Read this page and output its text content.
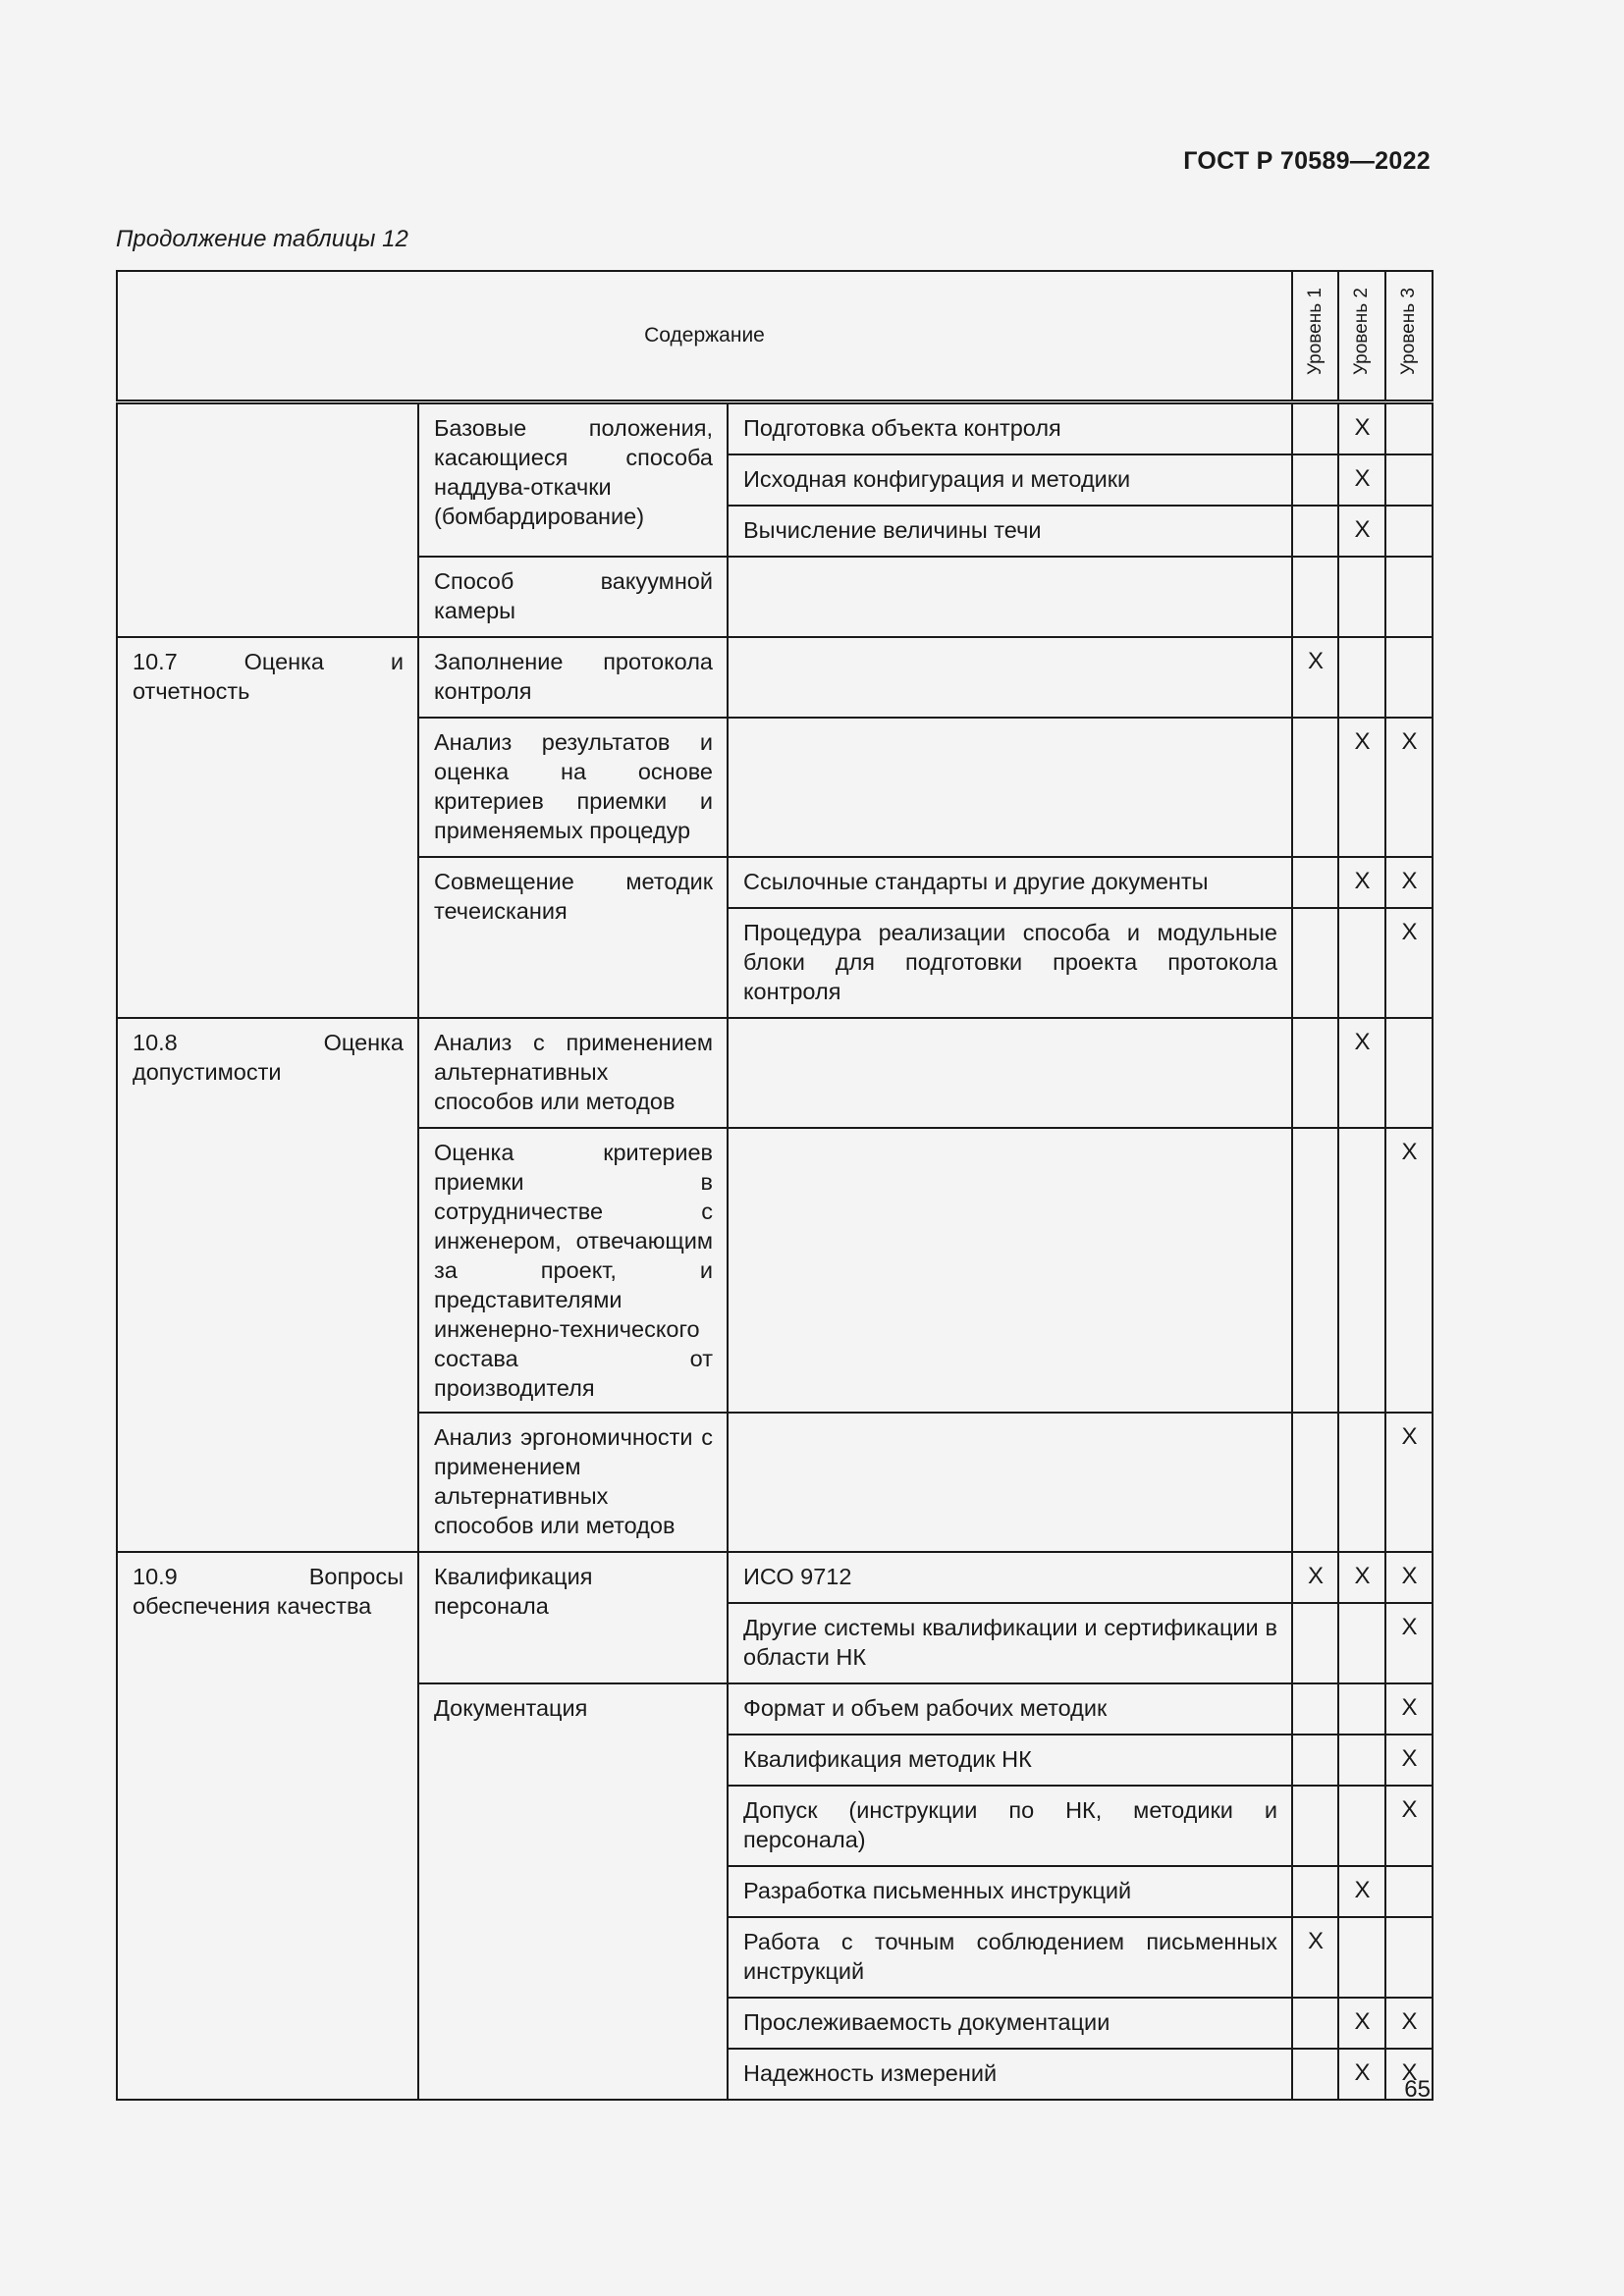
ГОСТ Р 70589—2022
Продолжение таблицы 12
Содержание			Уровень 1	Уровень 2	Уровень 3
	Базовые положения, касающиеся способа наддува-откачки (бомбардирование)	Подготовка объекта контроля		X	
		Исходная конфигурация и методики		X	
		Вычисление величины течи		X	
	Способ вакуумной камеры				
10.7 Оценка и отчетность	Заполнение протокола контроля		X		
	Анализ результатов и оценка на основе критериев приемки и применяемых процедур			X	X
	Совмещение методик течеискания	Ссылочные стандарты и другие документы		X	X
		Процедура реализации способа и модульные блоки для подготовки проекта протокола контроля			X
10.8 Оценка допустимости	Анализ с применением альтернативных способов или методов			X	
	Оценка критериев приемки в сотрудничестве с инженером, отвечающим за проект, и представителями инженерно-технического состава от производителя				X
	Анализ эргономичности с применением альтернативных способов или методов				X
10.9 Вопросы обеспечения качества	Квалификация персонала	ИСО 9712	X	X	X
		Другие системы квалификации и сертификации в области НК			X
	Документация	Формат и объем рабочих методик			X
		Квалификация методик НК			X
		Допуск (инструкции по НК, методики и персонала)			X
		Разработка письменных инструкций		X	
		Работа с точным соблюдением письменных инструкций	X		
		Прослеживаемость документации		X	X
		Надежность измерений		X	X
65
